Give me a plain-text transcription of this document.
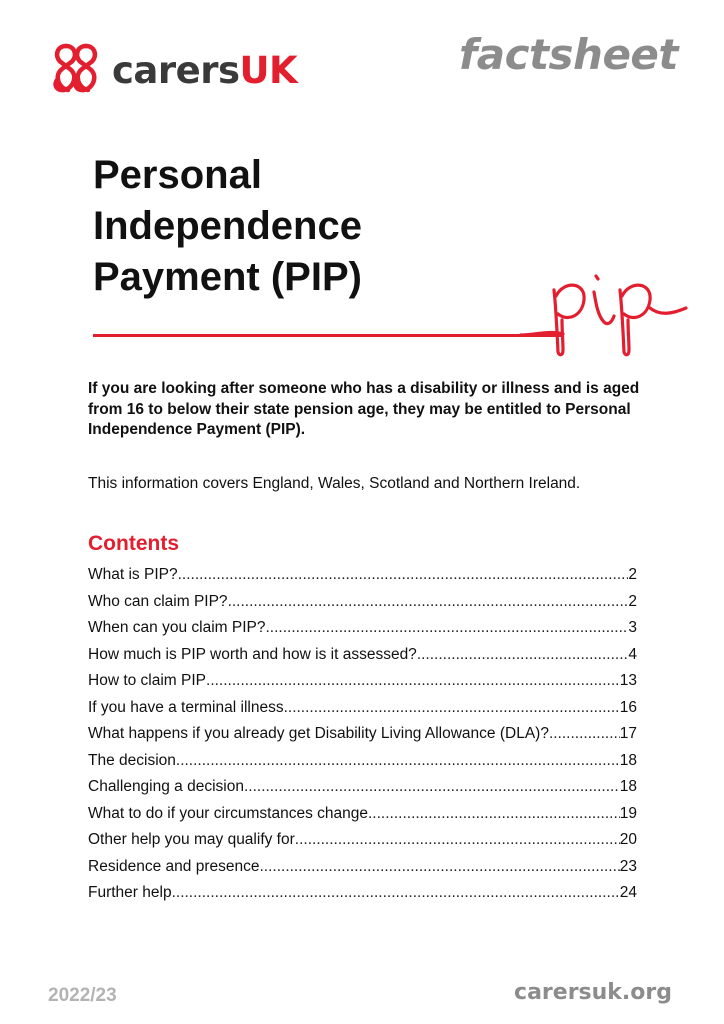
carersUK	factsheet
Personal
Independence
Payment (PIP)

If you are looking after someone who has a disability or illness and is aged from 16 to below their state pension age, they may be entitled to Personal Independence Payment (PIP).

This information covers England, Wales, Scotland and Northern Ireland.

Contents
What is PIP? .....	2
Who can claim PIP? .....	2
When can you claim PIP? .....	3
How much is PIP worth and how is it assessed? .....	4
How to claim PIP .....	13
If you have a terminal illness .....	16
What happens if you already get Disability Living Allowance (DLA)? .....	17
The decision .....	18
Challenging a decision .....	18
What to do if your circumstances change .....	19
Other help you may qualify for .....	20
Residence and presence .....	23
Further help .....	24
2022/23	carersuk.org
